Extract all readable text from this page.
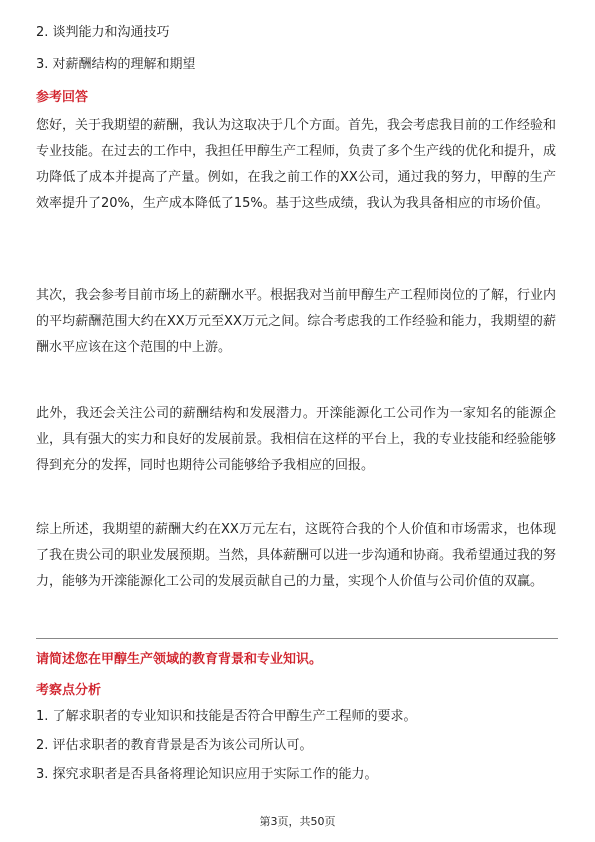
2. 谈判能力和沟通技巧
3. 对薪酬结构的理解和期望
参考回答
您好，关于我期望的薪酬，我认为这取决于几个方面。首先，我会考虑我目前的工作经验和专业技能。在过去的工作中，我担任甲醇生产工程师，负责了多个生产线的优化和提升，成功降低了成本并提高了产量。例如，在我之前工作的XX公司，通过我的努力，甲醇的生产效率提升了20%，生产成本降低了15%。基于这些成绩，我认为我具备相应的市场价值。
其次，我会参考目前市场上的薪酬水平。根据我对当前甲醇生产工程师岗位的了解，行业内的平均薪酬范围大约在XX万元至XX万元之间。综合考虑我的工作经验和能力，我期望的薪酬水平应该在这个范围的中上游。
此外，我还会关注公司的薪酬结构和发展潜力。开滦能源化工公司作为一家知名的能源企业，具有强大的实力和良好的发展前景。我相信在这样的平台上，我的专业技能和经验能够得到充分的发挥，同时也期待公司能够给予我相应的回报。
综上所述，我期望的薪酬大约在XX万元左右，这既符合我的个人价值和市场需求，也体现了我在贵公司的职业发展预期。当然，具体薪酬可以进一步沟通和协商。我希望通过我的努力，能够为开滦能源化工公司的发展贡献自己的力量，实现个人价值与公司价值的双赢。
请简述您在甲醇生产领域的教育背景和专业知识。
考察点分析
1. 了解求职者的专业知识和技能是否符合甲醇生产工程师的要求。
2. 评估求职者的教育背景是否为该公司所认可。
3. 探究求职者是否具备将理论知识应用于实际工作的能力。
第3页，共50页
